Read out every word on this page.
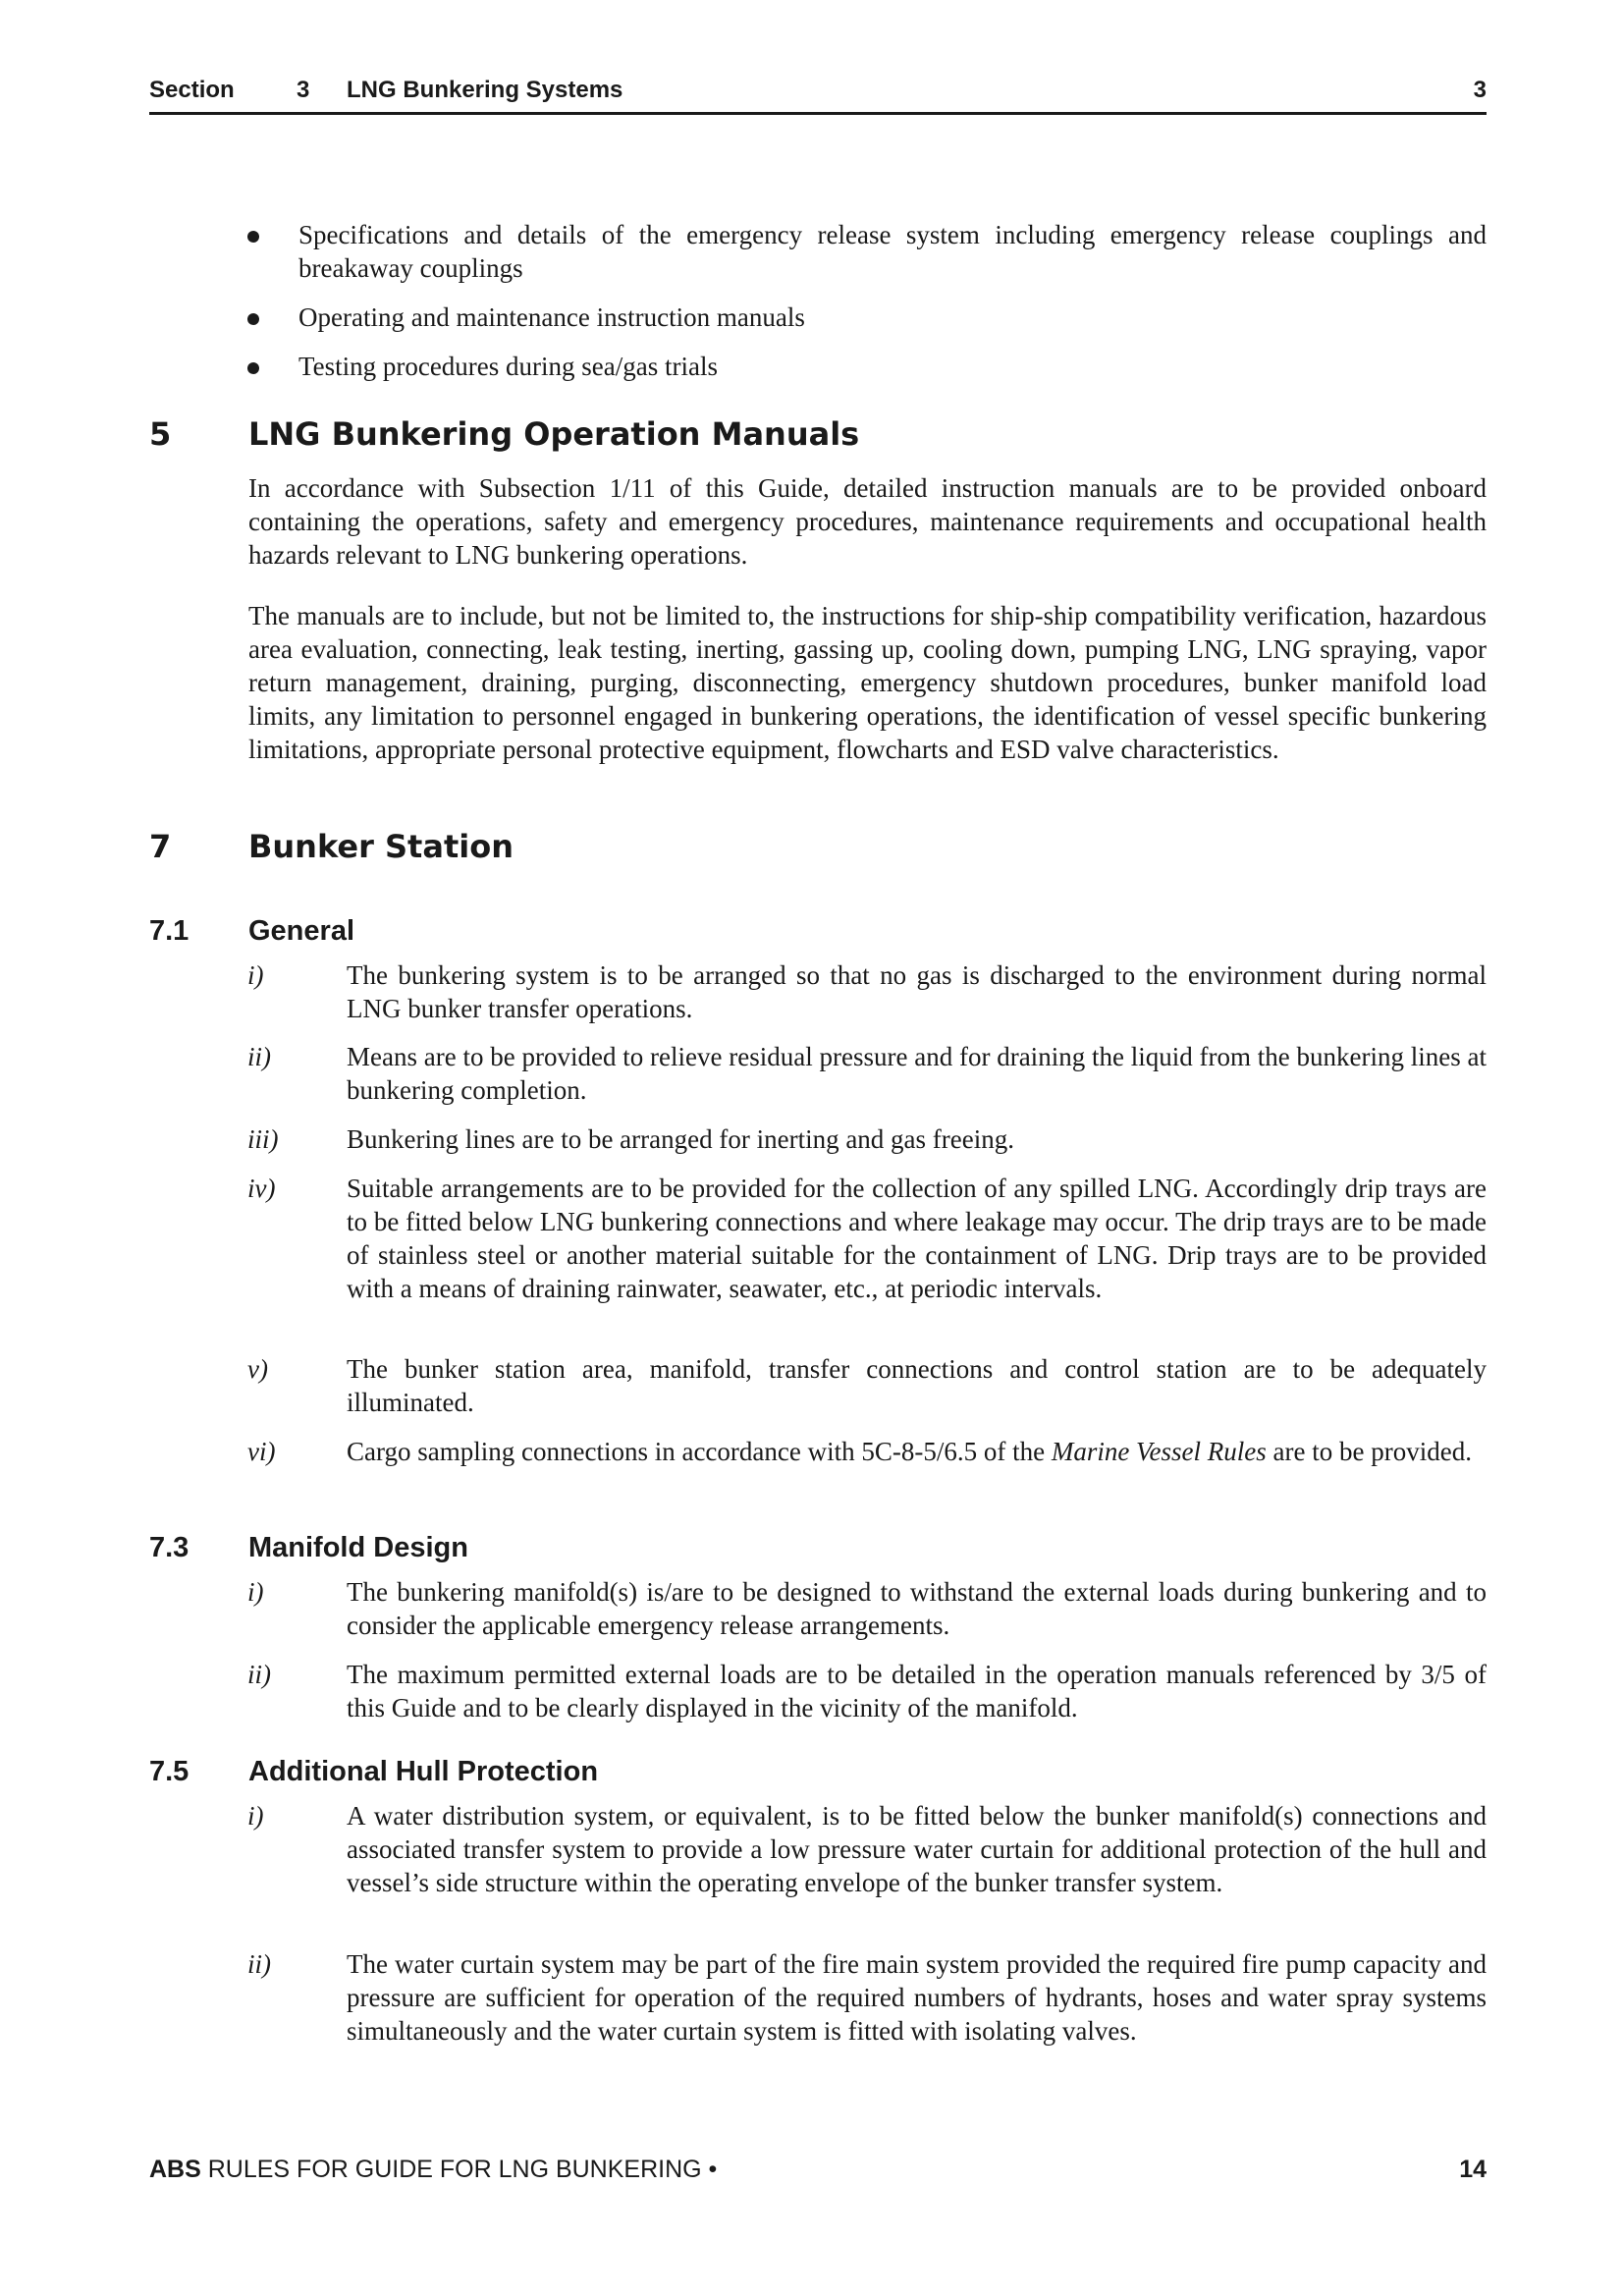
Section	3 LNG Bunkering Systems	3
Specifications and details of the emergency release system including emergency release couplings and breakaway couplings
Operating and maintenance instruction manuals
Testing procedures during sea/gas trials
5 LNG Bunkering Operation Manuals
In accordance with Subsection 1/11 of this Guide, detailed instruction manuals are to be provided onboard containing the operations, safety and emergency procedures, maintenance requirements and occupational health hazards relevant to LNG bunkering operations.
The manuals are to include, but not be limited to, the instructions for ship-ship compatibility verification, hazardous area evaluation, connecting, leak testing, inerting, gassing up, cooling down, pumping LNG, LNG spraying, vapor return management, draining, purging, disconnecting, emergency shutdown procedures, bunker manifold load limits, any limitation to personnel engaged in bunkering operations, the identification of vessel specific bunkering limitations, appropriate personal protective equipment, flowcharts and ESD valve characteristics.
7 Bunker Station
7.1 General
i)	The bunkering system is to be arranged so that no gas is discharged to the environment during normal LNG bunker transfer operations.
ii)	Means are to be provided to relieve residual pressure and for draining the liquid from the bunkering lines at bunkering completion.
iii)	Bunkering lines are to be arranged for inerting and gas freeing.
iv)	Suitable arrangements are to be provided for the collection of any spilled LNG. Accordingly drip trays are to be fitted below LNG bunkering connections and where leakage may occur. The drip trays are to be made of stainless steel or another material suitable for the containment of LNG. Drip trays are to be provided with a means of draining rainwater, seawater, etc., at periodic intervals.
v)	The bunker station area, manifold, transfer connections and control station are to be adequately illuminated.
vi)	Cargo sampling connections in accordance with 5C-8-5/6.5 of the Marine Vessel Rules are to be provided.
7.3 Manifold Design
i)	The bunkering manifold(s) is/are to be designed to withstand the external loads during bunkering and to consider the applicable emergency release arrangements.
ii)	The maximum permitted external loads are to be detailed in the operation manuals referenced by 3/5 of this Guide and to be clearly displayed in the vicinity of the manifold.
7.5 Additional Hull Protection
i)	A water distribution system, or equivalent, is to be fitted below the bunker manifold(s) connections and associated transfer system to provide a low pressure water curtain for additional protection of the hull and vessel’s side structure within the operating envelope of the bunker transfer system.
ii)	The water curtain system may be part of the fire main system provided the required fire pump capacity and pressure are sufficient for operation of the required numbers of hydrants, hoses and water spray systems simultaneously and the water curtain system is fitted with isolating valves.
ABS RULES FOR GUIDE FOR LNG BUNKERING •	14
